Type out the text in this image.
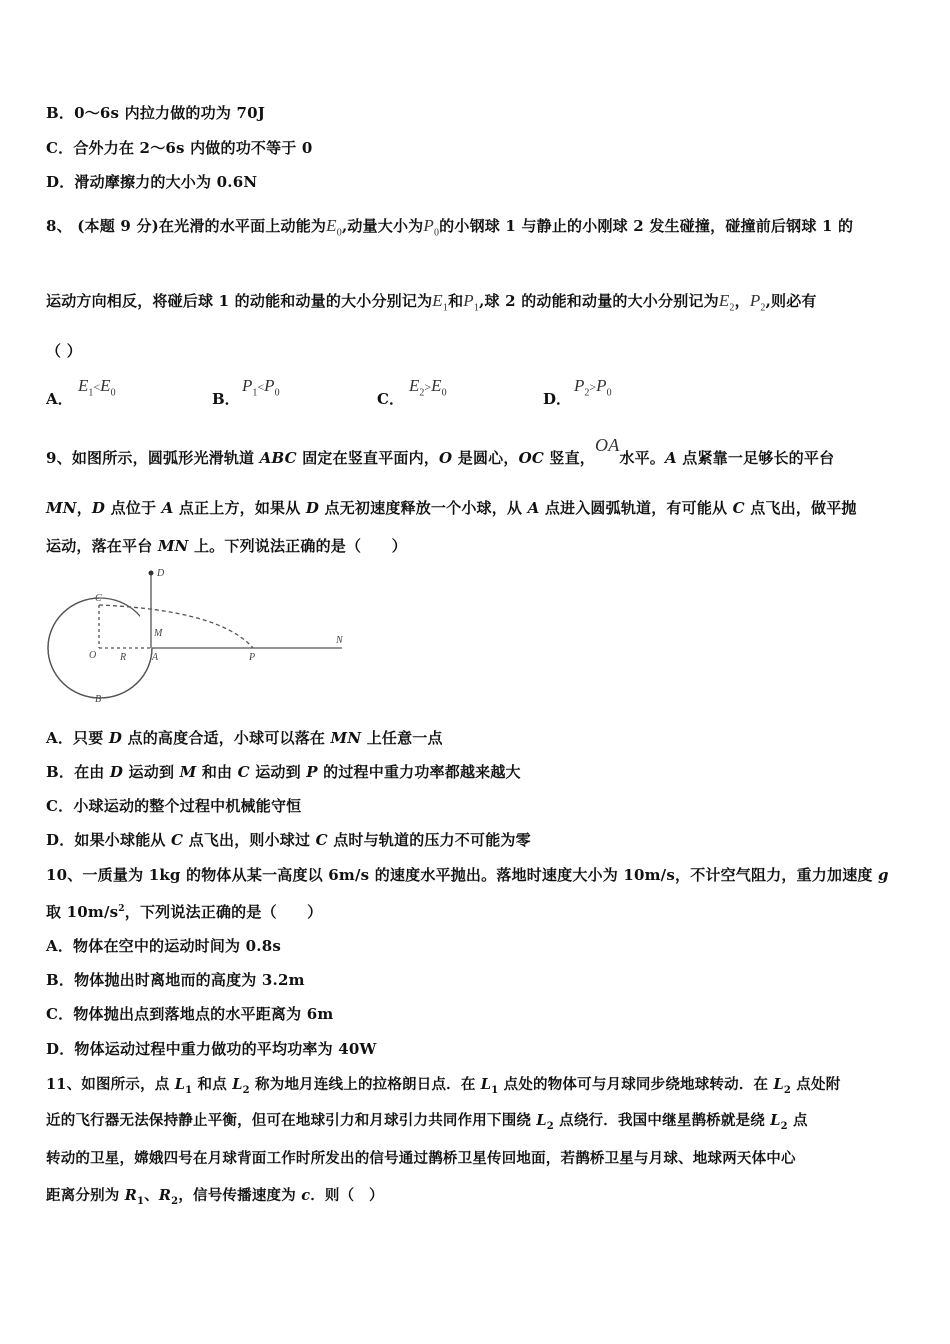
B．0～6s 内拉力做的功为 70J
C．合外力在 2～6s 内做的功不等于 0
D．滑动摩擦力的大小为 0.6N
8、 (本题 9 分)在光滑的水平面上动能为$E_0$,动量大小为$P_0$的小钢球 1 与静止的小刚球 2 发生碰撞，碰撞前后钢球 1 的
运动方向相反，将碰后球 1 的动能和动量的大小分别记为$E_1$和$P_1$,球 2 的动能和动量的大小分别记为$E_2$，$P_2$,则必有
（ ）
A．
$E_1<E_0$	B．
$P_1<P_0$	C．
$E_2>E_0$	D．
$P_2>P_0$
9、如图所示，圆弧形光滑轨道 ABC 固定在竖直平面内，O 是圆心，OC 竖直，OA水平。A 点紧靠一足够长的平台
MN，D 点位于 A 点正上方，如果从 D 点无初速度释放一个小球，从 A 点进入圆弧轨道，有可能从 C 点飞出，做平抛
运动，落在平台 MN 上。下列说法正确的是（　　）
D
C
M
N
O R	A	P
B
A．只要 D 点的高度合适，小球可以落在 MN 上任意一点
B．在由 D 运动到 M 和由 C 运动到 P 的过程中重力功率都越来越大
C．小球运动的整个过程中机械能守恒
D．如果小球能从 C 点飞出，则小球过 C 点时与轨道的压力不可能为零
10、一质量为 1kg 的物体从某一高度以 6m/s 的速度水平抛出。落地时速度大小为 10m/s，不计空气阻力，重力加速度 g
取 $10m/s^2$，下列说法正确的是（　　）
A．物体在空中的运动时间为 0.8s
B．物体抛出时离地而的高度为 3.2m
C．物体抛出点到落地点的水平距离为 6m
D．物体运动过程中重力做功的平均功率为 40W
11、如图所示，点 $L_1$ 和点 $L_2$ 称为地月连线上的拉格朗日点．在 $L_1$ 点处的物体可与月球同步绕地球转动．在 $L_2$ 点处附
近的飞行器无法保持静止平衡，但可在地球引力和月球引力共同作用下围绕 $L_2$ 点绕行．我国中继星鹊桥就是绕 $L_2$ 点
转动的卫星，嫦娥四号在月球背面工作时所发出的信号通过鹊桥卫星传回地面，若鹊桥卫星与月球、地球两天体中心
距离分别为 $R_1$、$R_2$，信号传播速度为 c．则（　）
